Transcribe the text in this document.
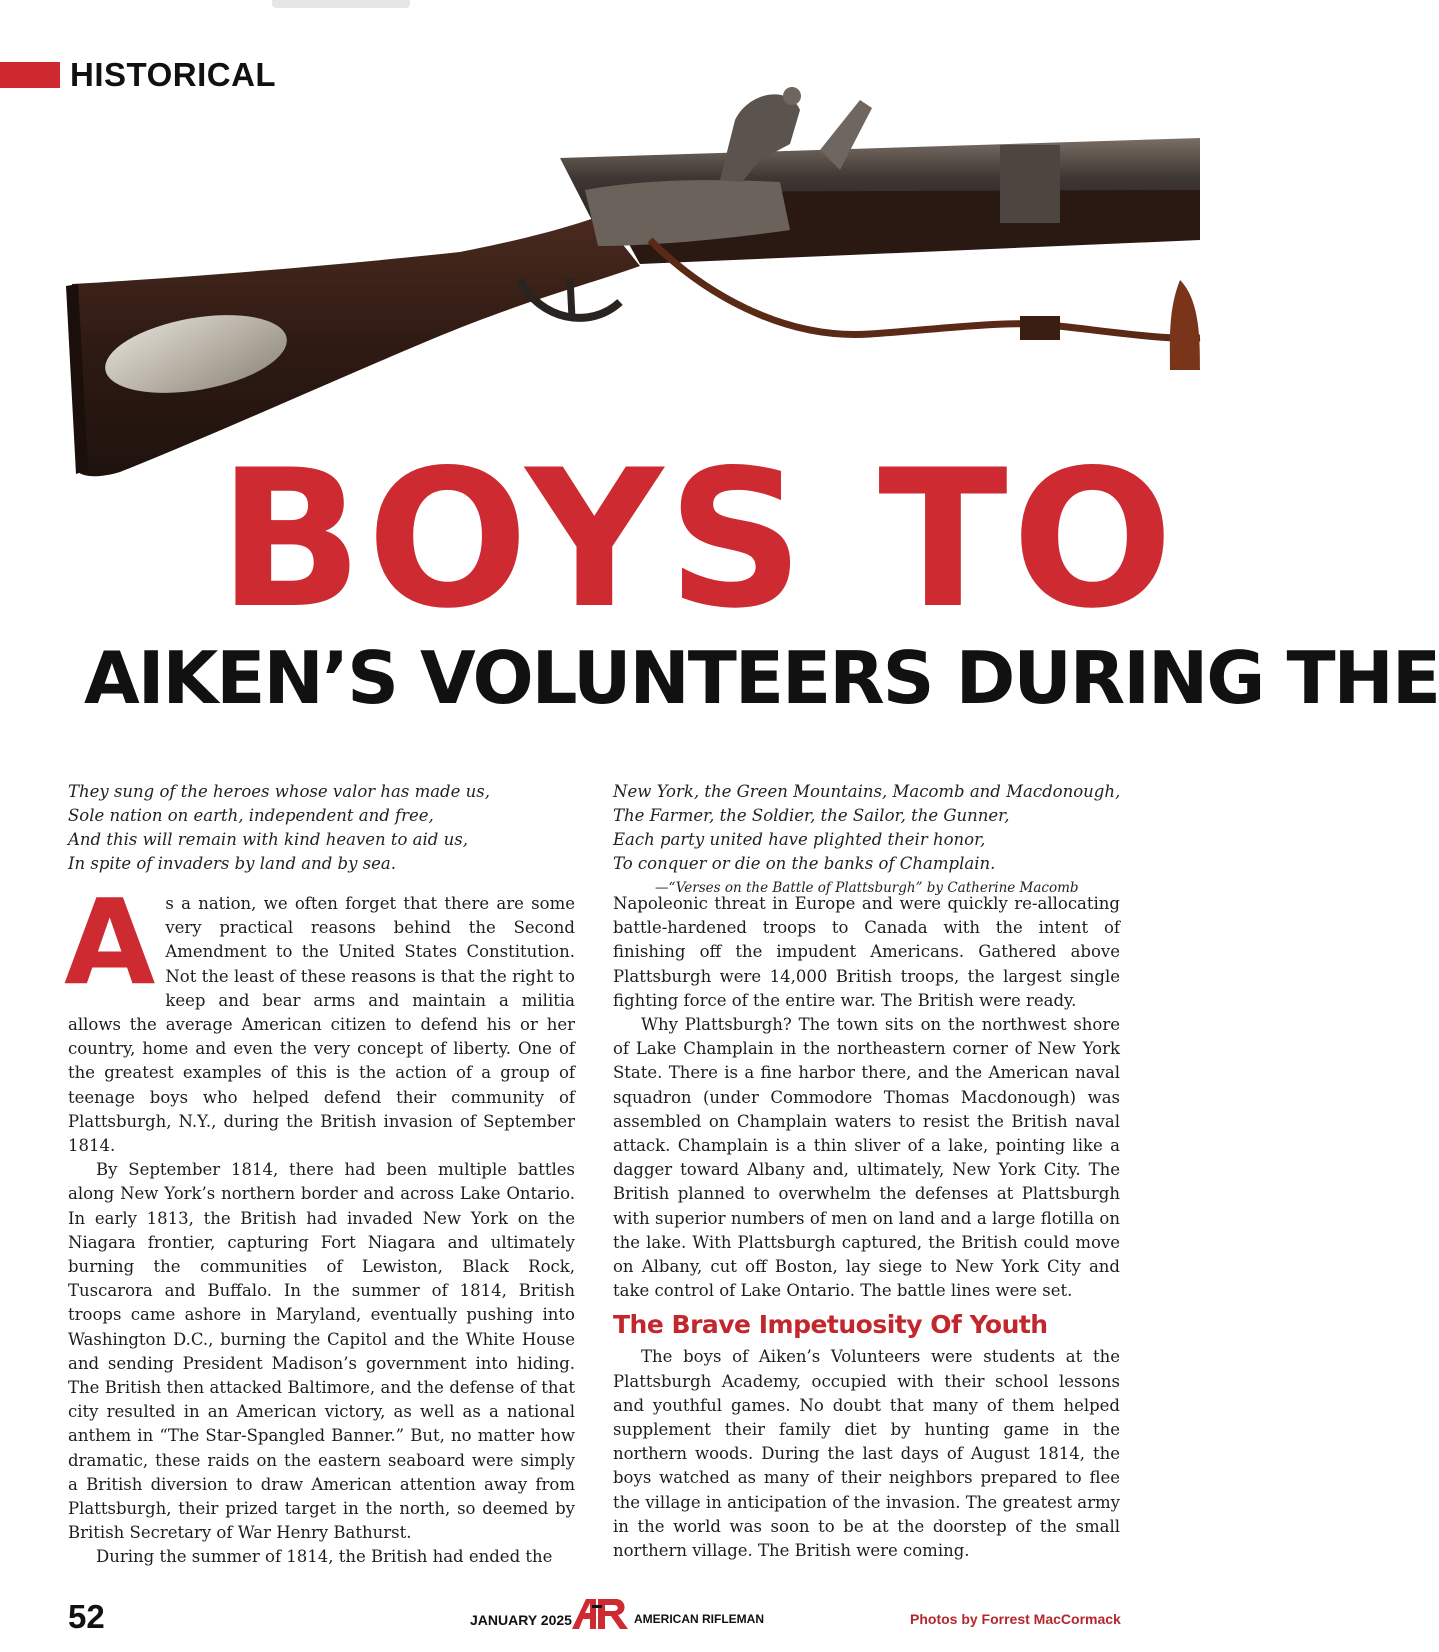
HISTORICAL
BOYS TO
AIKEN’S VOLUNTEERS DURING THE
They sung of the heroes whose valor has made us,
Sole nation on earth, independent and free,
And this will remain with kind heaven to aid us,
In spite of invaders by land and by sea.
New York, the Green Mountains, Macomb and Macdonough,
The Farmer, the Soldier, the Sailor, the Gunner,
Each party united have plighted their honor,
To conquer or die on the banks of Champlain.
—“Verses on the Battle of Plattsburgh” by Catherine Macomb

As a nation, we often forget that there are some very practical reasons behind the Second Amendment to the United States Constitution. Not the least of these reasons is that the right to keep and bear arms and maintain a militia allows the average American citizen to defend his or her country, home and even the very concept of liberty. One of the greatest examples of this is the action of a group of teenage boys who helped defend their community of Plattsburgh, N.Y., during the British invasion of September 1814.

By September 1814, there had been multiple battles along New York’s northern border and across Lake Ontario. In early 1813, the British had invaded New York on the Niagara frontier, capturing Fort Niagara and ultimately burning the communities of Lewiston, Black Rock, Tuscarora and Buffalo. In the summer of 1814, British troops came ashore in Maryland, eventually pushing into Washington D.C., burning the Capitol and the White House and sending President Madison’s government into hiding. The British then attacked Baltimore, and the defense of that city resulted in an American victory, as well as a national anthem in “The Star-Spangled Banner.” But, no matter how dramatic, these raids on the eastern seaboard were simply a British diversion to draw American attention away from Plattsburgh, their prized target in the north, so deemed by British Secretary of War Henry Bathurst.

During the summer of 1814, the British had ended the

Napoleonic threat in Europe and were quickly re-allocating battle-hardened troops to Canada with the intent of finishing off the impudent Americans. Gathered above Plattsburgh were 14,000 British troops, the largest single fighting force of the entire war. The British were ready.

Why Plattsburgh? The town sits on the northwest shore of Lake Champlain in the northeastern corner of New York State. There is a fine harbor there, and the American naval squadron (under Commodore Thomas Macdonough) was assembled on Champlain waters to resist the British naval attack. Champlain is a thin sliver of a lake, pointing like a dagger toward Albany and, ultimately, New York City. The British planned to overwhelm the defenses at Plattsburgh with superior numbers of men on land and a large flotilla on the lake. With Plattsburgh captured, the British could move on Albany, cut off Boston, lay siege to New York City and take control of Lake Ontario. The battle lines were set.

The Brave Impetuosity Of Youth

The boys of Aiken’s Volunteers were students at the Plattsburgh Academy, occupied with their school lessons and youthful games. No doubt that many of them helped supplement their family diet by hunting game in the northern woods. During the last days of August 1814, the boys watched as many of their neighbors prepared to flee the village in anticipation of the invasion. The greatest army in the world was soon to be at the doorstep of the small northern village. The British were coming.

52	JANUARY 2025	AMERICAN RIFLEMAN	Photos by Forrest MacCormack
